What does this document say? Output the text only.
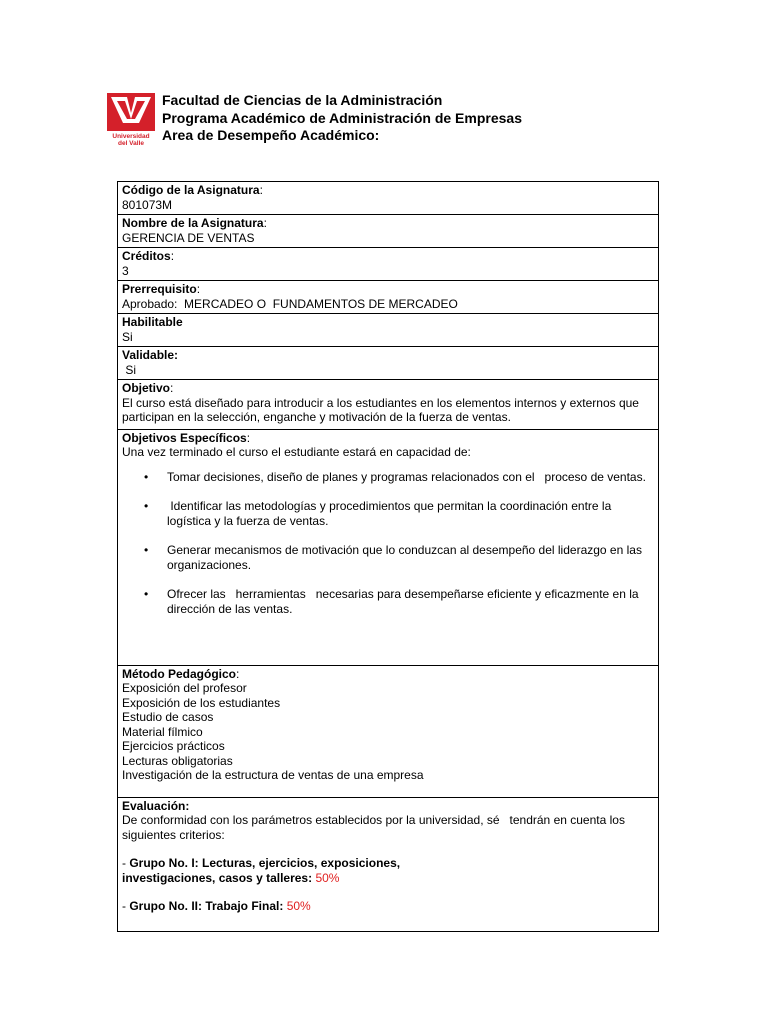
Universidad
del Valle
Facultad de Ciencias de la Administración
Programa Académico de Administración de Empresas
Area de Desempeño Académico:
Código de la Asignatura:
801073M

Nombre de la Asignatura:
GERENCIA DE VENTAS

Créditos:
3

Prerrequisito:
Aprobado:  MERCADEO O  FUNDAMENTOS DE MERCADEO

Habilitable
Si

Validable:
Si

Objetivo:
El curso está diseñado para introducir a los estudiantes en los elementos internos y externos que participan en la selección, enganche y motivación de la fuerza de ventas.

Objetivos Específicos:
Una vez terminado el curso el estudiante estará en capacidad de:
• Tomar decisiones, diseño de planes y programas relacionados con el   proceso de ventas.
•  Identificar las metodologías y procedimientos que permitan la coordinación entre la logística y la fuerza de ventas.
• Generar mecanismos de motivación que lo conduzcan al desempeño del liderazgo en las organizaciones.
• Ofrecer las   herramientas   necesarias para desempeñarse eficiente y eficazmente en la dirección de las ventas.

Método Pedagógico:
Exposición del profesor
Exposición de los estudiantes
Estudio de casos
Material fílmico
Ejercicios prácticos
Lecturas obligatorias
Investigación de la estructura de ventas de una empresa

Evaluación:
De conformidad con los parámetros establecidos por la universidad, sé   tendrán en cuenta los siguientes criterios:
- Grupo No. I: Lecturas, ejercicios, exposiciones, investigaciones, casos y talleres: 50%
- Grupo No. II: Trabajo Final: 50%
